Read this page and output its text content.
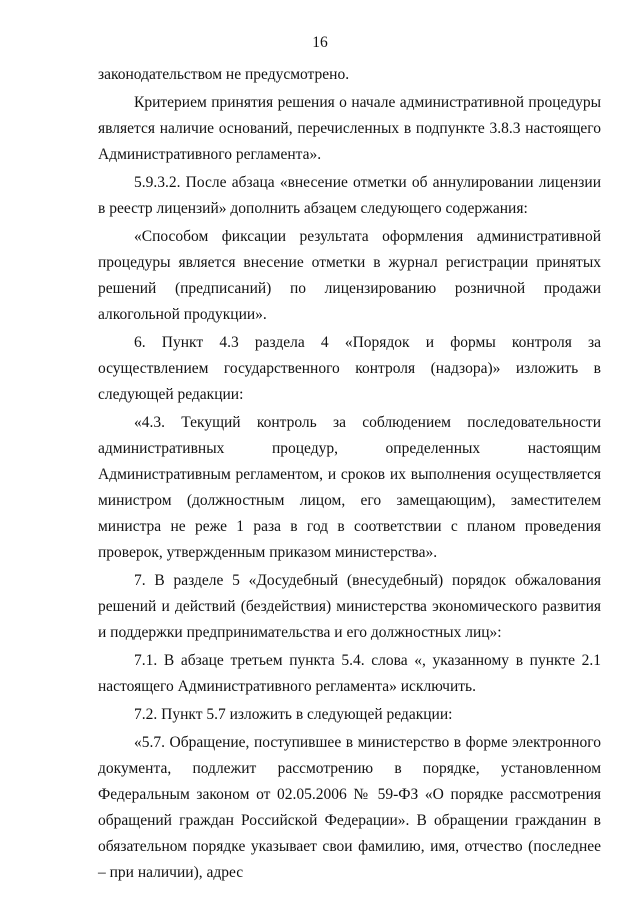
16

законодательством не предусмотрено.

Критерием принятия решения о начале административной процедуры является наличие оснований, перечисленных в подпункте 3.8.3 настоящего Административного регламента».

5.9.3.2. После абзаца «внесение отметки об аннулировании лицензии в реестр лицензий» дополнить абзацем следующего содержания:

«Способом фиксации результата оформления административной процедуры является внесение отметки в журнал регистрации принятых решений (предписаний) по лицензированию розничной продажи алкогольной продукции».

6. Пункт 4.3 раздела 4 «Порядок и формы контроля за осуществлением государственного контроля (надзора)» изложить в следующей редакции:

«4.3. Текущий контроль за соблюдением последовательности административных процедур, определенных настоящим Административным регламентом, и сроков их выполнения осуществляется министром (должностным лицом, его замещающим), заместителем министра не реже 1 раза в год в соответствии с планом проведения проверок, утвержденным приказом министерства».

7. В разделе 5 «Досудебный (внесудебный) порядок обжалования решений и действий (бездействия) министерства экономического развития и поддержки предпринимательства и его должностных лиц»:

7.1. В абзаце третьем пункта 5.4. слова «, указанному в пункте 2.1 настоящего Административного регламента» исключить.

7.2. Пункт 5.7 изложить в следующей редакции:

«5.7. Обращение, поступившее в министерство в форме электронного документа, подлежит рассмотрению в порядке, установленном Федеральным законом от 02.05.2006 № 59-ФЗ «О порядке рассмотрения обращений граждан Российской Федерации». В обращении гражданин в обязательном порядке указывает свои фамилию, имя, отчество (последнее – при наличии), адрес
